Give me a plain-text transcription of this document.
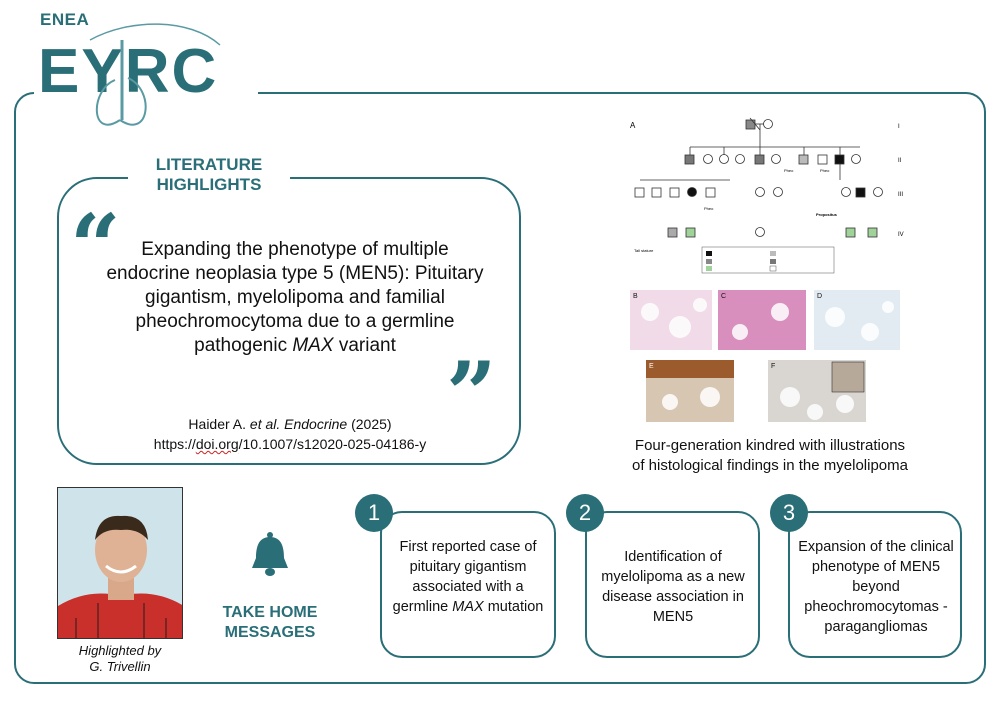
ENEA
EYRC
LITERATURE
HIGHLIGHTS
“
”
Expanding the phenotype of multiple endocrine neoplasia type 5 (MEN5): Pituitary gigantism, myelolipoma and familial pheochromocytoma due to a germline pathogenic MAX variant
Haider A. et al. Endocrine (2025)
https://doi.org/10.1007/s12020-025-04186-y
A	I
II
III
IV
Pheo	Pheo
Pheo
Tall stature
Propositus
B	C	D
E	F
Four-generation kindred with illustrations
of histological findings in the myelolipoma
Highlighted by
G. Trivellin
TAKE HOME
MESSAGES
1
First reported case of pituitary gigantism associated with a germline MAX mutation
2
Identification of myelolipoma as a new disease association in MEN5
3
Expansion of the clinical phenotype of MEN5 beyond pheochromocytomas -paragangliomas
